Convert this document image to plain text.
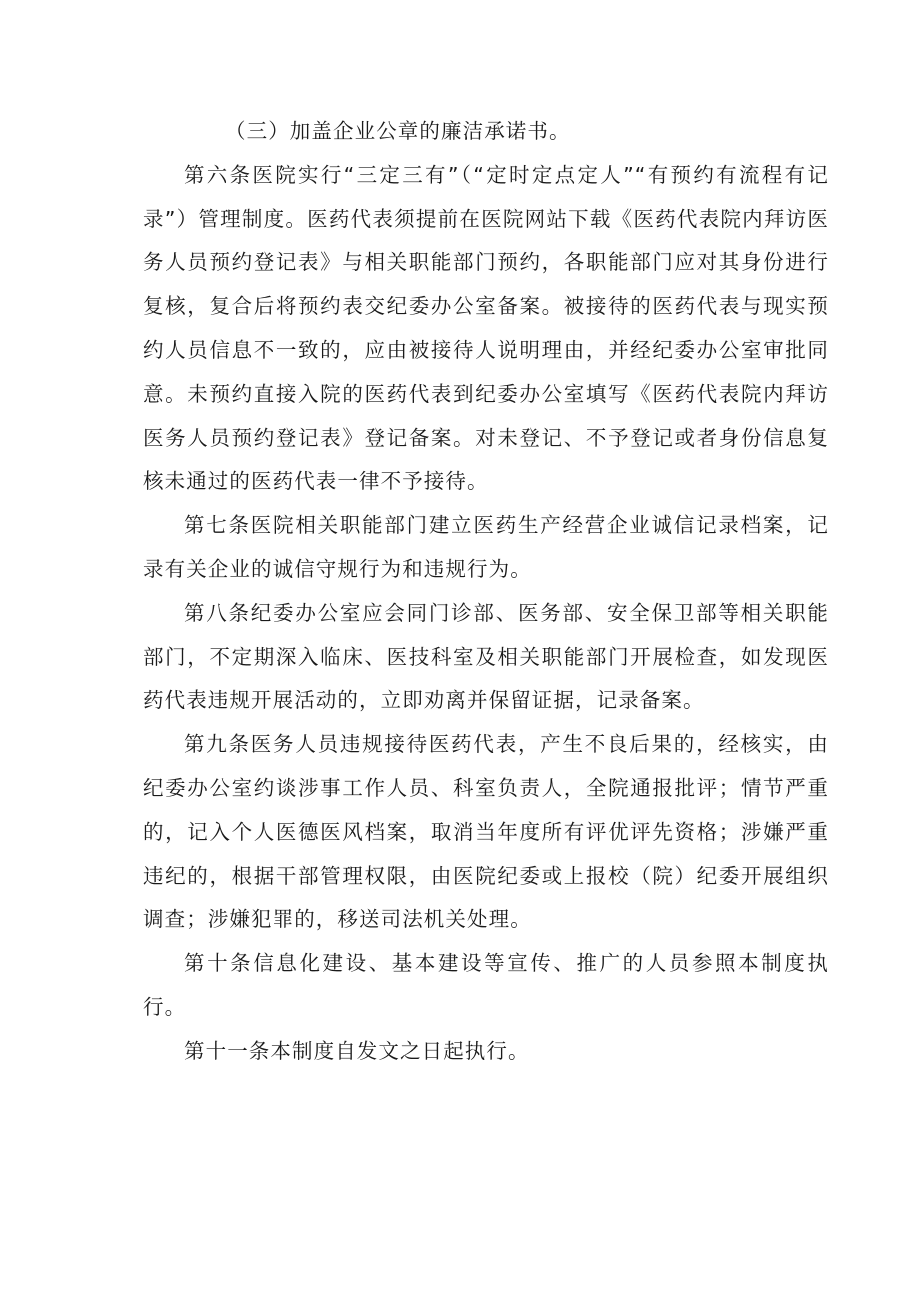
（三）加盖企业公章的廉洁承诺书。

第六条医院实行“三定三有”（“定时定点定人”“有预约有流程有记录”）管理制度。医药代表须提前在医院网站下载《医药代表院内拜访医务人员预约登记表》与相关职能部门预约，各职能部门应对其身份进行复核，复合后将预约表交纪委办公室备案。被接待的医药代表与现实预约人员信息不一致的，应由被接待人说明理由，并经纪委办公室审批同意。未预约直接入院的医药代表到纪委办公室填写《医药代表院内拜访医务人员预约登记表》登记备案。对未登记、不予登记或者身份信息复核未通过的医药代表一律不予接待。

第七条医院相关职能部门建立医药生产经营企业诚信记录档案，记录有关企业的诚信守规行为和违规行为。

第八条纪委办公室应会同门诊部、医务部、安全保卫部等相关职能部门，不定期深入临床、医技科室及相关职能部门开展检查，如发现医药代表违规开展活动的，立即劝离并保留证据，记录备案。

第九条医务人员违规接待医药代表，产生不良后果的，经核实，由纪委办公室约谈涉事工作人员、科室负责人，全院通报批评；情节严重的，记入个人医德医风档案，取消当年度所有评优评先资格；涉嫌严重违纪的，根据干部管理权限，由医院纪委或上报校（院）纪委开展组织调查；涉嫌犯罪的，移送司法机关处理。

第十条信息化建设、基本建设等宣传、推广的人员参照本制度执行。

第十一条本制度自发文之日起执行。
